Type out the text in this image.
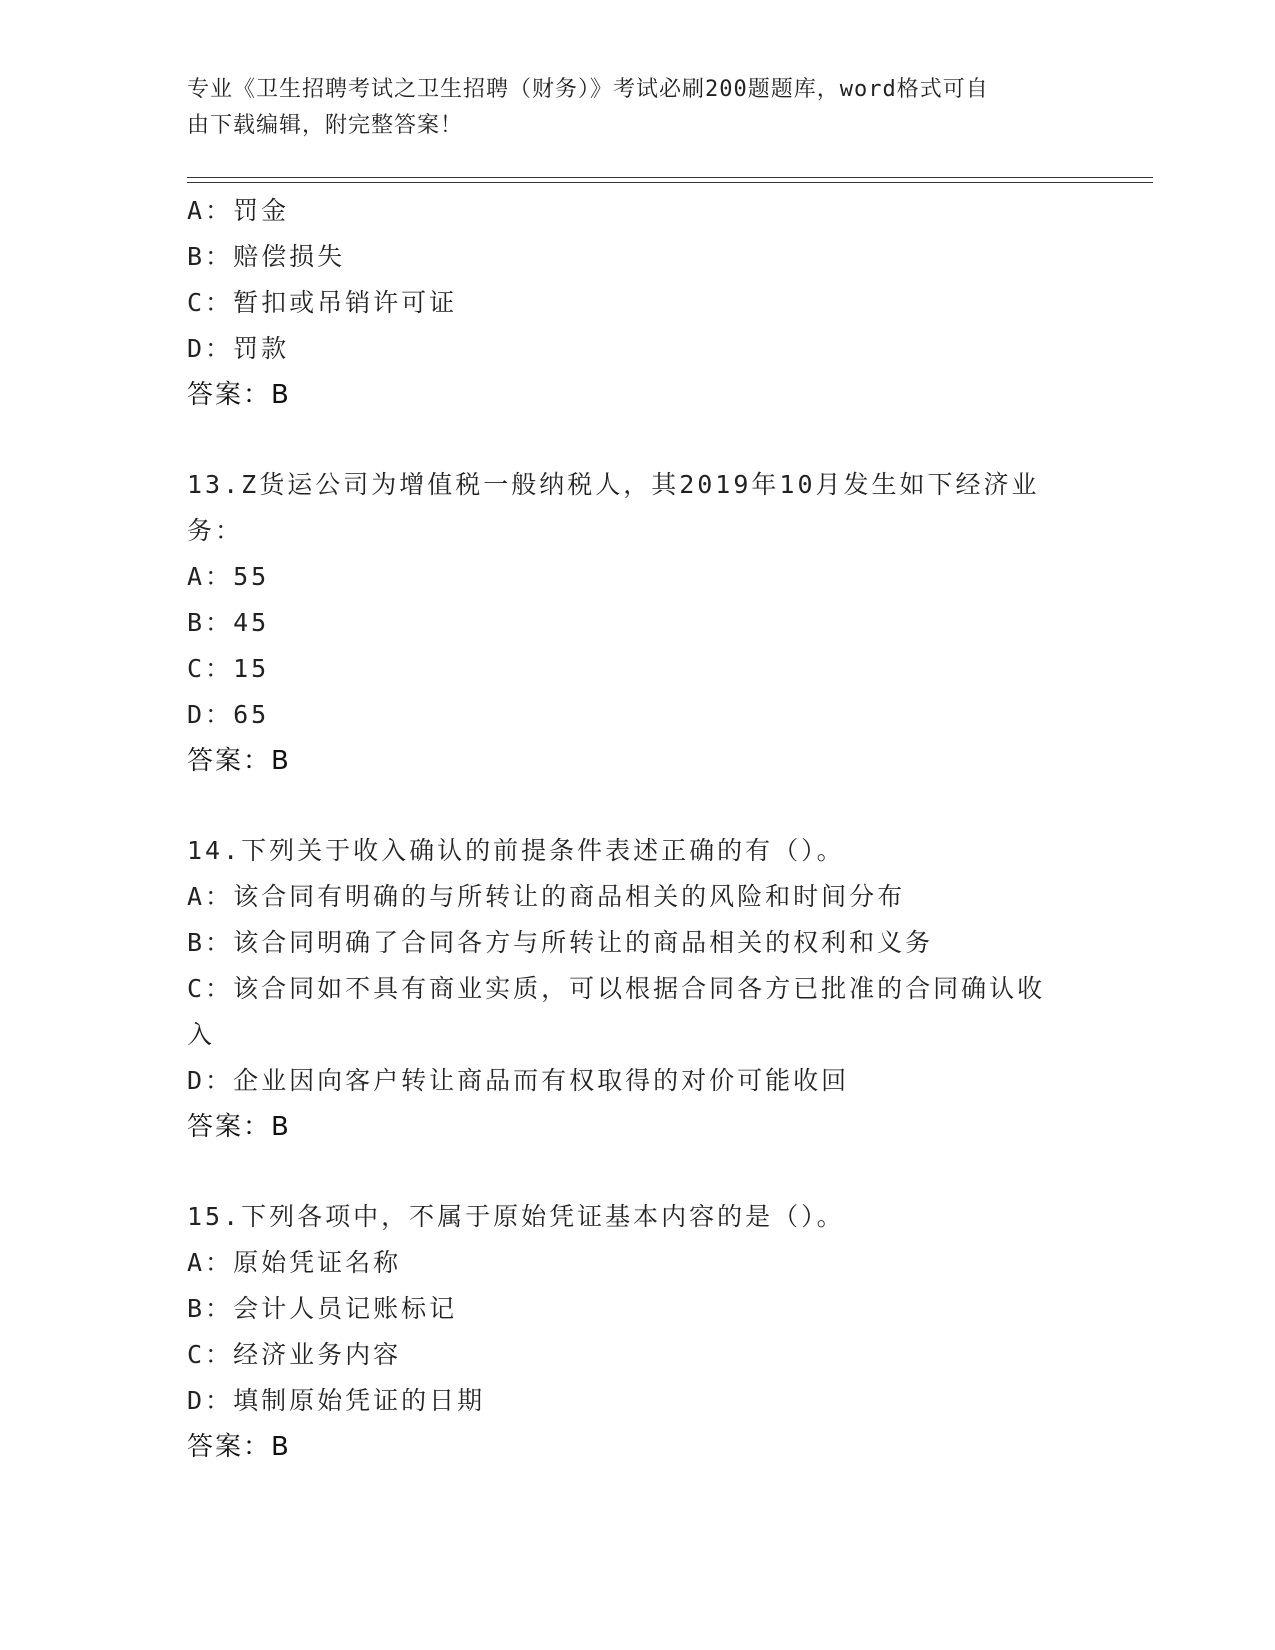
专业《卫生招聘考试之卫生招聘（财务）》考试必刷200题题库，word格式可自
由下载编辑，附完整答案！
A：罚金
B：赔偿损失
C：暂扣或吊销许可证
D：罚款
答案：B
13.Z货运公司为增值税一般纳税人，其2019年10月发生如下经济业
务：
A：55
B：45
C：15
D：65
答案：B
14.下列关于收入确认的前提条件表述正确的有（）。
A：该合同有明确的与所转让的商品相关的风险和时间分布
B：该合同明确了合同各方与所转让的商品相关的权利和义务
C：该合同如不具有商业实质，可以根据合同各方已批准的合同确认收
入
D：企业因向客户转让商品而有权取得的对价可能收回
答案：B
15.下列各项中，不属于原始凭证基本内容的是（）。
A：原始凭证名称
B：会计人员记账标记
C：经济业务内容
D：填制原始凭证的日期
答案：B
